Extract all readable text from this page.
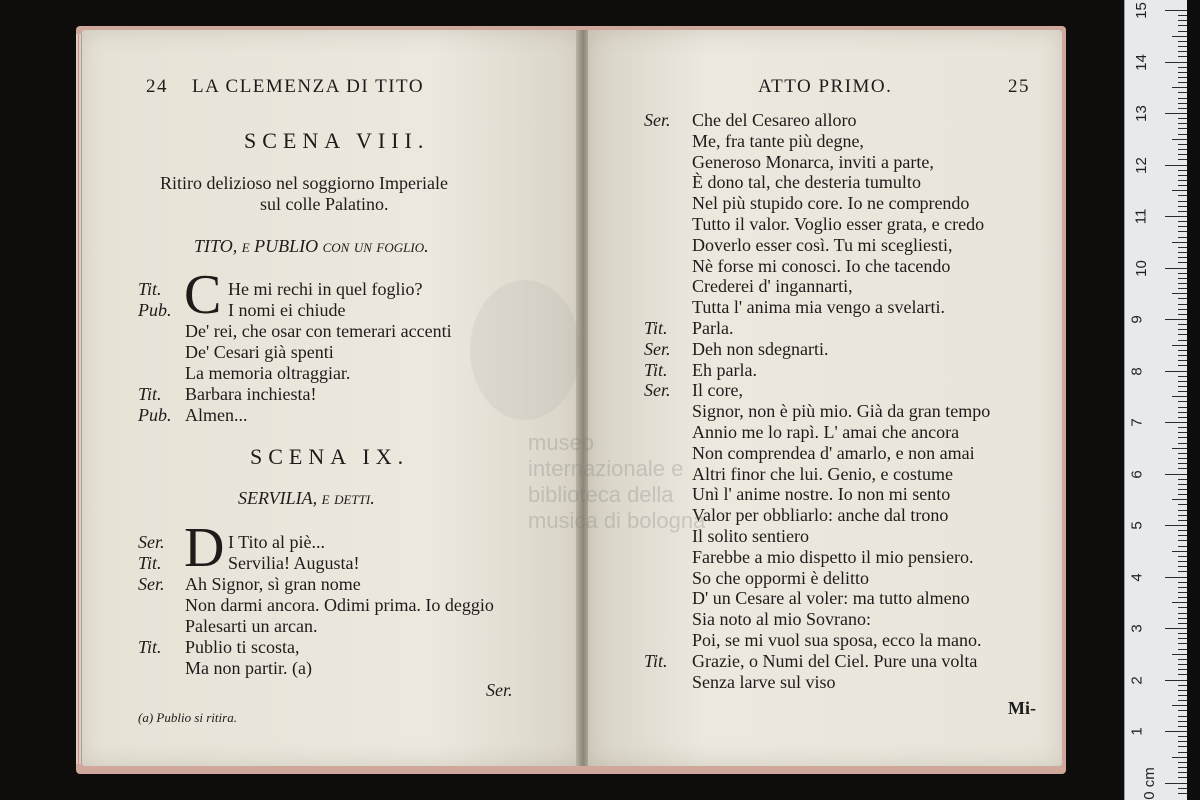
24 LA CLEMENZA DI TITO
SCENA VIII.
Ritiro delizioso nel soggiorno Imperiale
sul colle Palatino.
TITO, e PUBLIO con un foglio.
Tit. C He mi rechi in quel foglio?
Pub.	I nomi ei chiude
De' rei, che osar con temerari accenti
De' Cesari già spenti
La memoria oltraggiar.
Tit. Barbara inchiesta!
Pub. Almen...
SCENA IX.
SERVILIA, e detti.
Ser. D I Tito al piè...
Tit.	Servilia! Augusta!
Ser. Ah Signor, sì gran nome
Non darmi ancora. Odimi prima. Io deggio
Palesarti un arcan.
Tit. Publio ti scosta,
Ma non partir. (a)
Ser.
(a) Publio si ritira.
ATTO PRIMO.	25
Ser. Che del Cesareo alloro
Me, fra tante più degne,
Generoso Monarca, inviti a parte,
È dono tal, che desteria tumulto
Nel più stupido core. Io ne comprendo
Tutto il valor. Voglio esser grata, e credo
Doverlo esser così. Tu mi scegliesti,
Nè forse mi conosci. Io che tacendo
Crederei d' ingannarti,
Tutta l' anima mia vengo a svelarti.
Tit. Parla.
Ser. Deh non sdegnarti.
Tit. Eh parla.
Ser. Il core,
Signor, non è più mio. Già da gran tempo
Annio me lo rapì. L' amai che ancora
Non comprendea d' amarlo, e non amai
Altri finor che lui. Genio, e costume
Unì l' anime nostre. Io non mi sento
Valor per obbliarlo: anche dal trono
Il solito sentiero
Farebbe a mio dispetto il mio pensiero.
So che oppormi è delitto
D' un Cesare al voler: ma tutto almeno
Sia noto al mio Sovrano:
Poi, se mi vuol sua sposa, ecco la mano.
Tit. Grazie, o Numi del Ciel. Pure una volta
Senza larve sul viso
Mi-
museo internazionale e biblioteca della musica di bologna
15
14
13
12
11
10
9
8
7
6
5
4
3
2
1
0 cm
